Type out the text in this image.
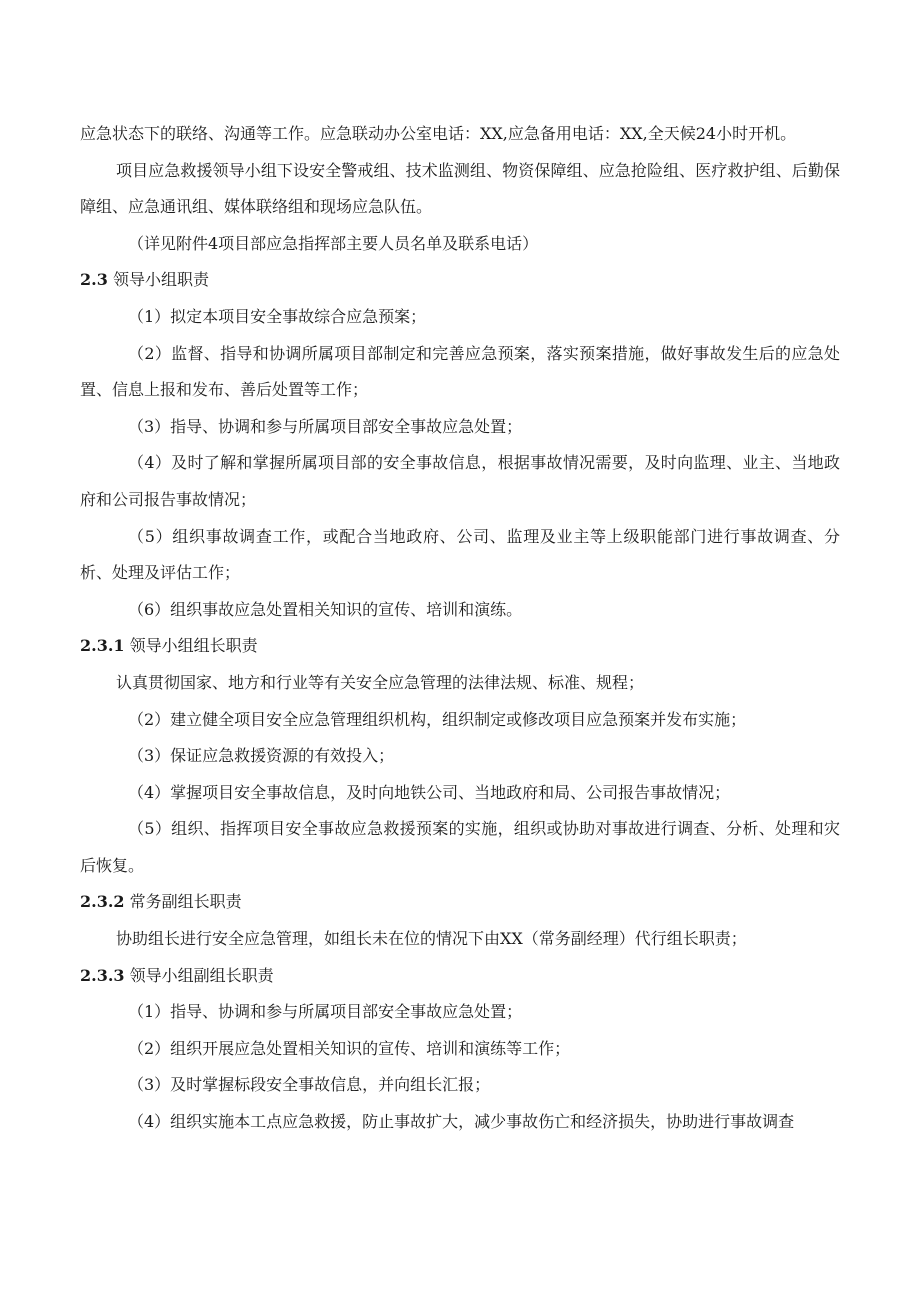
应急状态下的联络、沟通等工作。应急联动办公室电话：XX,应急备用电话：XX,全天候24小时开机。

项目应急救援领导小组下设安全警戒组、技术监测组、物资保障组、应急抢险组、医疗救护组、后勤保障组、应急通讯组、媒体联络组和现场应急队伍。

（详见附件4项目部应急指挥部主要人员名单及联系电话）

2.3 领导小组职责

（1）拟定本项目安全事故综合应急预案；

（2）监督、指导和协调所属项目部制定和完善应急预案，落实预案措施，做好事故发生后的应急处置、信息上报和发布、善后处置等工作；

（3）指导、协调和参与所属项目部安全事故应急处置；

（4）及时了解和掌握所属项目部的安全事故信息，根据事故情况需要，及时向监理、业主、当地政府和公司报告事故情况；

（5）组织事故调查工作，或配合当地政府、公司、监理及业主等上级职能部门进行事故调查、分析、处理及评估工作；

（6）组织事故应急处置相关知识的宣传、培训和演练。

2.3.1 领导小组组长职责

认真贯彻国家、地方和行业等有关安全应急管理的法律法规、标准、规程；

（2）建立健全项目安全应急管理组织机构，组织制定或修改项目应急预案并发布实施；

（3）保证应急救援资源的有效投入；

（4）掌握项目安全事故信息，及时向地铁公司、当地政府和局、公司报告事故情况；

（5）组织、指挥项目安全事故应急救援预案的实施，组织或协助对事故进行调查、分析、处理和灾后恢复。

2.3.2 常务副组长职责

协助组长进行安全应急管理，如组长未在位的情况下由XX（常务副经理）代行组长职责；

2.3.3 领导小组副组长职责

（1）指导、协调和参与所属项目部安全事故应急处置；

（2）组织开展应急处置相关知识的宣传、培训和演练等工作；

（3）及时掌握标段安全事故信息，并向组长汇报；

（4）组织实施本工点应急救援，防止事故扩大，减少事故伤亡和经济损失，协助进行事故调查
